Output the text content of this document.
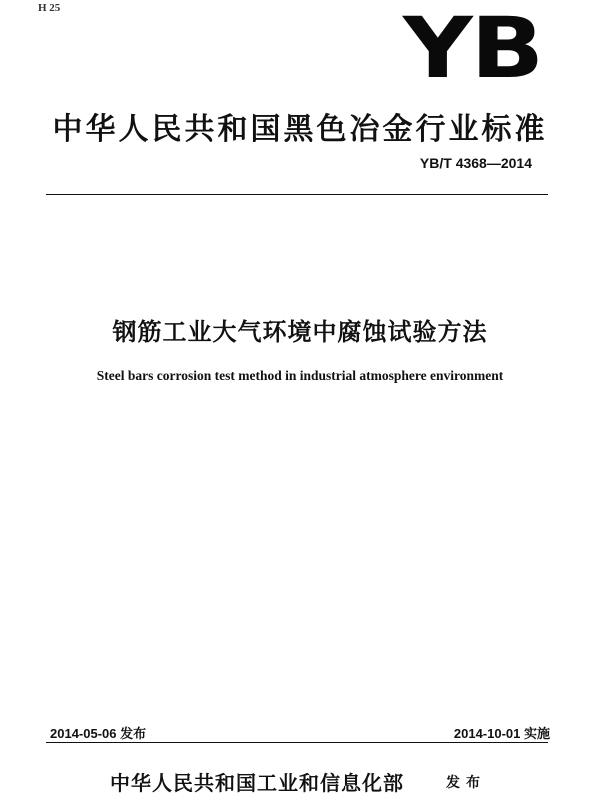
H 25	YB
中华人民共和国黑色冶金行业标准
YB/T 4368—2014
钢筋工业大气环境中腐蚀试验方法
Steel bars corrosion test method in industrial atmosphere environment
2014-05-06 发布	2014-10-01 实施
中华人民共和国工业和信息化部	发布
